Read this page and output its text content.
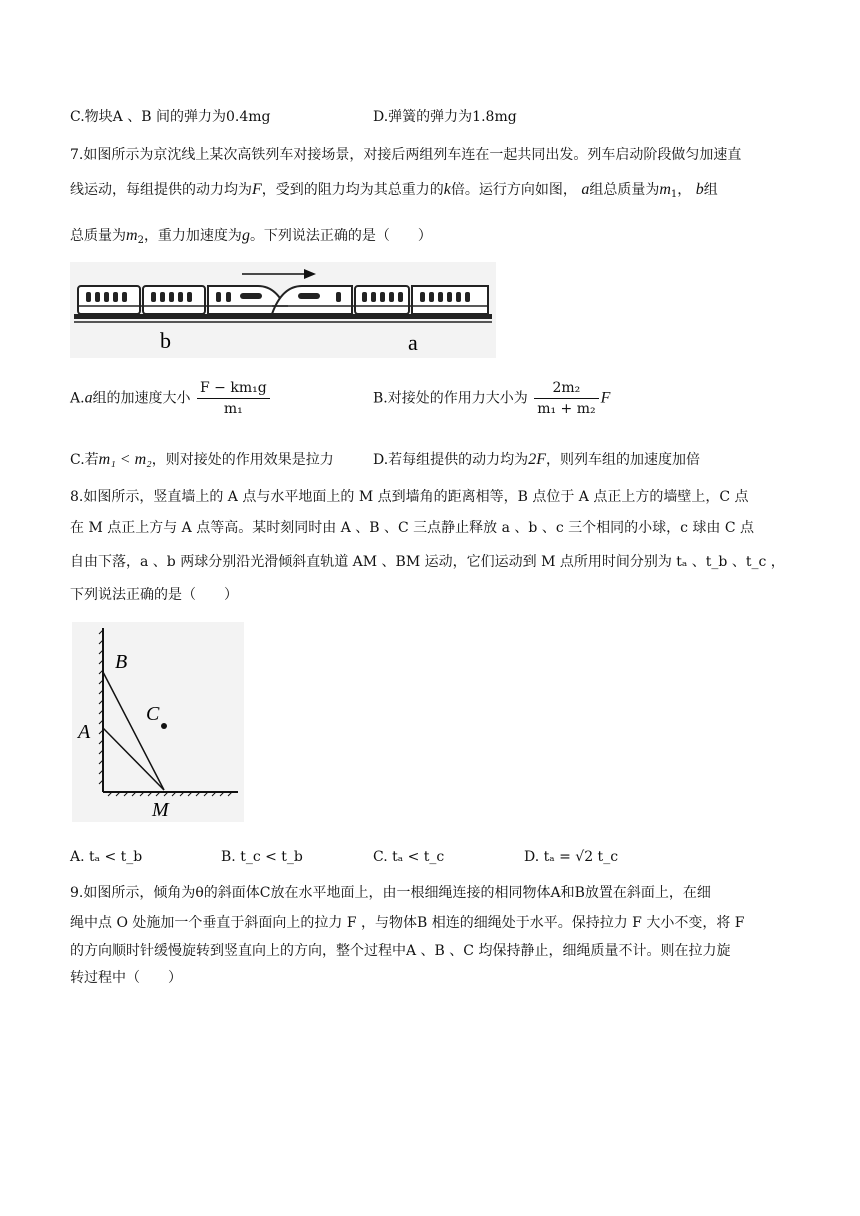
C.物块A 、B 间的弹力为0.4mg	D.弹簧的弹力为1.8mg
7.如图所示为京沈线上某次高铁列车对接场景，对接后两组列车连在一起共同出发。列车启动阶段做匀加速直
线运动，每组提供的动力均为F，受到的阻力均为其总重力的k倍。运行方向如图， a组总质量为$m_1$， b组
总质量为$m_2$，重力加速度为g。下列说法正确的是（　　）
b	a
A.a组的加速度大小 $\frac{\text{F − km₁g}}{\text{m₁}}$	B.对接处的作用力大小为 $\frac{\text{2m₂}}{\text{m₁ + m₂}}$ F
C.若m₁ < m₂，则对接处的作用效果是拉力	D.若每组提供的动力均为2F，则列车组的加速度加倍
8.如图所示，竖直墙上的 A 点与水平地面上的 M 点到墙角的距离相等，B 点位于 A 点正上方的墙壁上，C 点
在 M 点正上方与 A 点等高。某时刻同时由 A 、B 、C 三点静止释放 a 、b 、c 三个相同的小球，c 球由 C 点
自由下落，a 、b 两球分别沿光滑倾斜直轨道 AM 、BM 运动，它们运动到 M 点所用时间分别为 tₐ 、t_b 、t_c ，
下列说法正确的是（　　）
B
A
C
M
A. tₐ < t_b	B. t_c < t_b	C. tₐ < t_c	D. tₐ = √2 t_c
9.如图所示，倾角为θ的斜面体C放在水平地面上，由一根细绳连接的相同物体A和B放置在斜面上，在细
绳中点 O 处施加一个垂直于斜面向上的拉力 F ，与物体B 相连的细绳处于水平。保持拉力 F 大小不变，将 F
的方向顺时针缓慢旋转到竖直向上的方向，整个过程中A 、B 、C 均保持静止，细绳质量不计。则在拉力旋
转过程中（　　）
